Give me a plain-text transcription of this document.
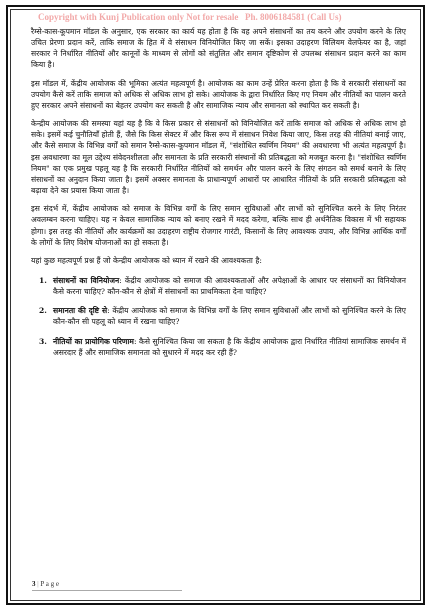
Copyright with Kunj Publication only Not for resale Ph. 8006184581 (Call Us)

रैम्से-कास-कूपमान मॉडल के अनुसार, एक सरकार का कार्य यह होता है कि वह अपने संसाधनों का तय करने और उपयोग करने के लिए उचित प्रेरणा प्रदान करें, ताकि समाज के हित में वे संसाधन विनियोजित किए जा सकें। इसका उदाहरण विलियम वेलफेयर का है, जहां सरकार ने निर्धारित नीतियों और कानूनों के माध्यम से लोगों को संतुलित और समान दृष्टिकोण से उपलब्ध संसाधन प्रदान करने का काम किया है।

इस मॉडल में, केंद्रीय आयोजक की भूमिका अत्यंत महत्वपूर्ण है। आयोजक का काम उन्हें प्रेरित करना होता है कि वे सरकारी संसाधनों का उपयोग कैसे करें ताकि समाज को अधिक से अधिक लाभ हो सके। आयोजक के द्वारा निर्धारित किए गए नियम और नीतियों का पालन करते हुए सरकार अपने संसाधनों का बेहतर उपयोग कर सकती है और सामाजिक न्याय और समानता को स्थापित कर सकती है।

केन्द्रीय आयोजक की समस्या यहां यह है कि वे किस प्रकार से संसाधनों को विनियोजित करें ताकि समाज को अधिक से अधिक लाभ हो सके। इसमें कई चुनौतियाँ होती हैं, जैसे कि किस सेक्टर में और किस रूप में संसाधन निवेश किया जाए, किस तरह की नीतियां बनाई जाए, और कैसे समाज के विभिन्न वर्गों को समान रैम्से-कास-कूपमान मॉडल में, "संशोधित स्वर्णिम नियम" की अवधारणा भी अत्यंत महत्वपूर्ण है। इस अवधारणा का मूल उद्देश्य संवेदनशीलता और समानता के प्रति सरकारी संस्थानों की प्रतिबद्धता को मजबूत करना है। "संशोधित स्वर्णिम नियम" का एक प्रमुख पहलू यह है कि सरकारी निर्धारित नीतियों को समर्थन और पालन करने के लिए संगठन को समर्थ बनाने के लिए संसाधनों का अनुदान किया जाता है। इसमें अक्सर समानता के प्राधान्यपूर्ण आधारों पर आधारित नीतियों के प्रति सरकारी प्रतिबद्धता को बढ़ावा देने का प्रयास किया जाता है।

इस संदर्भ में, केंद्रीय आयोजक को समाज के विभिन्न वर्गों के लिए समान सुविधाओं और लाभों को सुनिश्चित करने के लिए निरंतर अवलम्बन करना चाहिए। यह न केवल सामाजिक न्याय को बनाए रखने में मदद करेगा, बल्कि साथ ही अर्थनैतिक विकास में भी सहायक होगा। इस तरह की नीतियों और कार्यक्रमों का उदाहरण राष्ट्रीय रोजगार गारंटी, किसानों के लिए आवश्यक उपाय, और विभिन्न आर्थिक वर्गों के लोगों के लिए विशेष योजनाओं का हो सकता है।

यहां कुछ महत्वपूर्ण प्रश्न हैं जो केन्द्रीय आयोजक को ध्यान में रखने की आवश्यकता है:

1. संसाधनों का विनियोजन: केंद्रीय आयोजक को समाज की आवश्यकताओं और अपेक्षाओं के आधार पर संसाधनों का विनियोजन कैसे करना चाहिए? कौन-कौन से क्षेत्रों में संसाधनों का प्राथमिकता देना चाहिए?
2. समानता की दृष्टि से: केंद्रीय आयोजक को समाज के विभिन्न वर्गों के लिए समान सुविधाओं और लाभों को सुनिश्चित करने के लिए कौन-कौन सी पहलू को ध्यान में रखना चाहिए?
3. नीतियों का प्रायोगिक परिणाम: कैसे सुनिश्चित किया जा सकता है कि केंद्रीय आयोजक द्वारा निर्धारित नीतियां सामाजिक समर्थन में असरदार हैं और सामाजिक समानता को सुधारने में मदद कर रही हैं?
3 | P a g e
